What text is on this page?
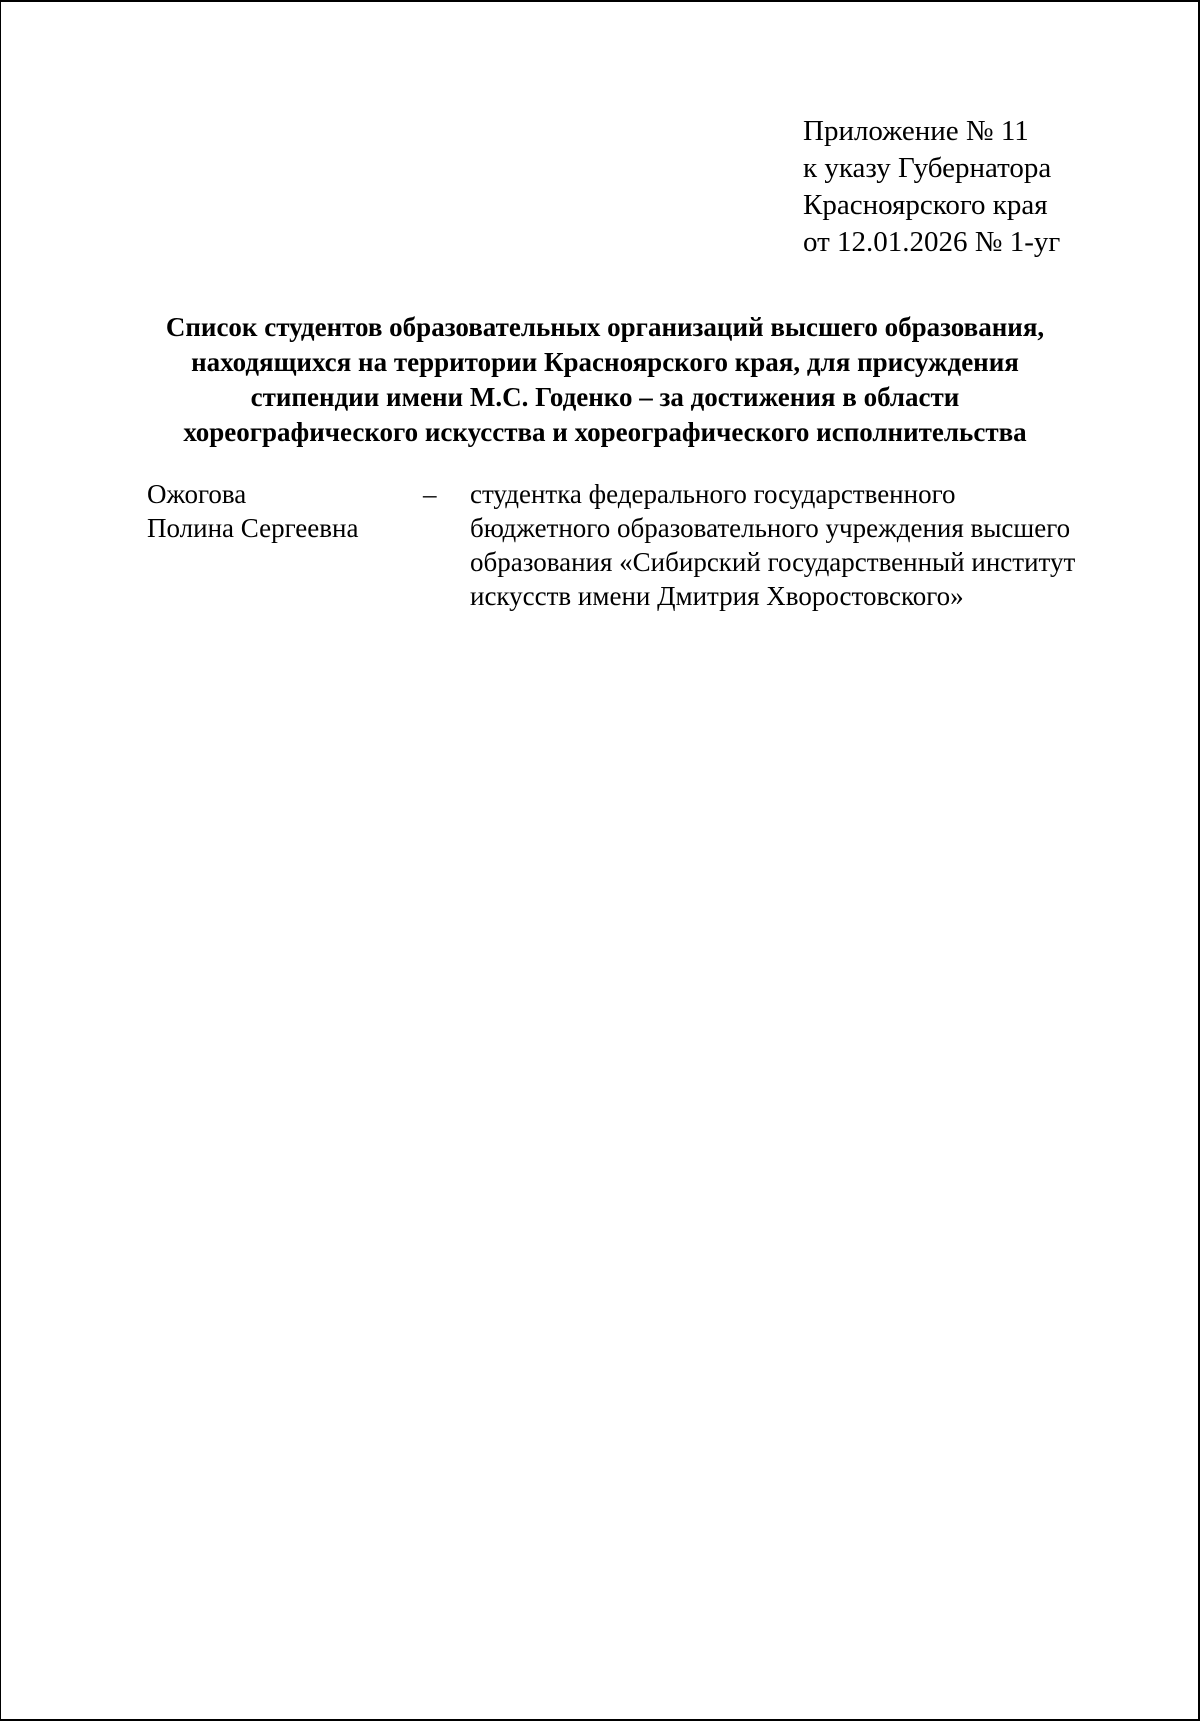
Приложение № 11
к указу Губернатора
Красноярского края
от 12.01.2026 № 1-уг
Список студентов образовательных организаций высшего образования,
находящихся на территории Красноярского края, для присуждения
стипендии имени М.С. Годенко – за достижения в области
хореографического искусства и хореографического исполнительства
Ожогова
Полина Сергеевна
–	студентка федерального государственного
бюджетного образовательного учреждения высшего
образования «Сибирский государственный институт
искусств имени Дмитрия Хворостовского»
